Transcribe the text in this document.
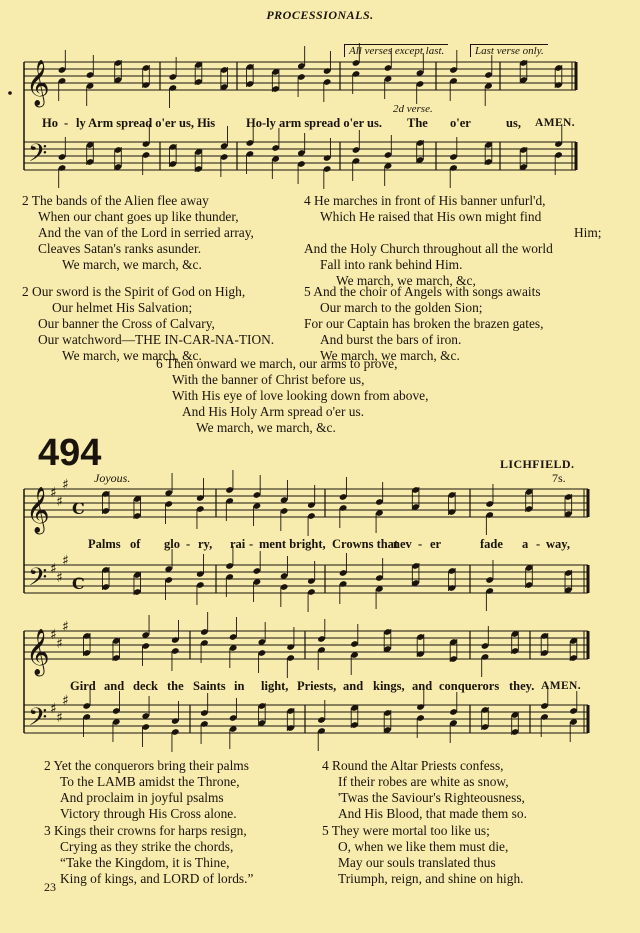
PROCESSIONALS.
All verses except last.	Last verse only.
2d verse.
𝄞
𝄢
𝄞
𝄢
♯
♯
♯
♯
♯
♯
C
C
𝄞
𝄢
♯
♯
♯
♯
♯
♯
Ho - ly Arm spread o'er us, His Ho-ly arm spread o'er us. The o'er	us, AMEN.
2 The bands of the Alien flee away
When our chant goes up like thunder,
And the van of the Lord in serried array,
Cleaves Satan's ranks asunder.
We march, we march, &c.
2 Our sword is the Spirit of God on High,
Our helmet His Salvation;
Our banner the Cross of Calvary,
Our watchword—THE IN-CAR-NA-TION.
We march, we march, &c.
4 He marches in front of His banner unfurl'd,
Which He raised that His own might find
Him;
And the Holy Church throughout all the world
Fall into rank behind Him.
We march, we march, &c,
5 And the choir of Angels with songs awaits
Our march to the golden Sion;
For our Captain has broken the brazen gates,
And burst the bars of iron.
We march, we march, &c.
6 Then onward we march, our arms to prove,
With the banner of Christ before us,
With His eye of love looking down from above,
And His Holy Arm spread o'er us.
We march, we march, &c.
494
Joyous.
LICHFIELD.
7s.
Palms of glo - ry, rai - ment bright, Crowns that
nev - er	fade a - way,
Gird and deck the Saints in light, Priests, and kings, and conquerors they. AMEN.
2 Yet the conquerors bring their palms
To the LAMB amidst the Throne,
And proclaim in joyful psalms
Victory through His Cross alone.
3 Kings their crowns for harps resign,
Crying as they strike the chords,
“Take the Kingdom, it is Thine,
King of kings, and LORD of lords.”
4 Round the Altar Priests confess,
If their robes are white as snow,
'Twas the Saviour's Righteousness,
And His Blood, that made them so.
5 They were mortal too like us;
O, when we like them must die,
May our souls translated thus
Triumph, reign, and shine on high.
23
